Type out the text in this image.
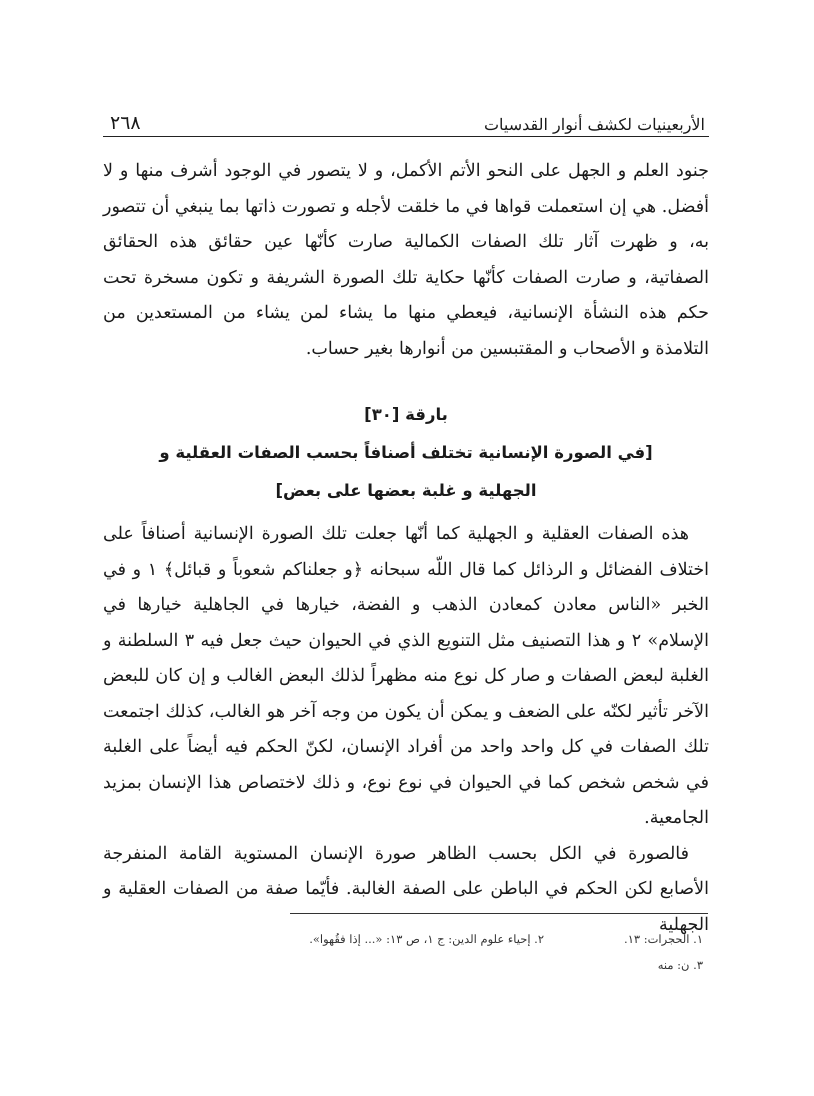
الأربعينيات لكشف أنوار القدسيات
٢٦٨

جنود العلم و الجهل على النحو الأتم الأكمل، و لا يتصور في الوجود أشرف منها و لا أفضل. هي إن استعملت قواها في ما خلقت لأجله و تصورت ذاتها بما ينبغي أن تتصور به، و ظهرت آثار تلك الصفات الكمالية صارت كأنّها عين حقائق هذه الحقائق الصفاتية، و صارت الصفات كأنّها حكاية تلك الصورة الشريفة و تكون مسخرة تحت حكم هذه النشأة الإنسانية، فيعطي منها ما يشاء لمن يشاء من المستعدين من التلامذة و الأصحاب و المقتبسين من أنوارها بغير حساب.

بارقة [٣٠]
[في الصورة الإنسانية تختلف أصنافاً بحسب الصفات العقلية و
الجهلية و غلبة بعضها على بعض]

هذه الصفات العقلية و الجهلية كما أنّها جعلت تلك الصورة الإنسانية أصنافاً على اختلاف الفضائل و الرذائل كما قال اللّه سبحانه ﴿و جعلناكم شعوباً و قبائل﴾ ١ و في الخبر «الناس معادن كمعادن الذهب و الفضة، خيارها في الجاهلية خيارها في الإسلام» ٢ و هذا التصنيف مثل التنويع الذي في الحيوان حيث جعل فيه ٣ السلطنة و الغلبة لبعض الصفات و صار كل نوع منه مظهراً لذلك البعض الغالب و إن كان للبعض الآخر تأثير لكنّه على الضعف و يمكن أن يكون من وجه آخر هو الغالب، كذلك اجتمعت تلك الصفات في كل واحد واحد من أفراد الإنسان، لكنّ الحكم فيه أيضاً على الغلبة في شخص شخص كما في الحيوان في نوع نوع، و ذلك لاختصاص هذا الإنسان بمزيد الجامعية.

فالصورة في الكل بحسب الظاهر صورة الإنسان المستوية القامة المنفرجة الأصابع لكن الحكم في الباطن على الصفة الغالبة. فأيّما صفة من الصفات العقلية و الجهلية

١. الحجرات: ١٣.
٢. إحياء علوم الدين: ج ١، ص ١٣: «... إذا فقُهوا».
٣. ن: منه
